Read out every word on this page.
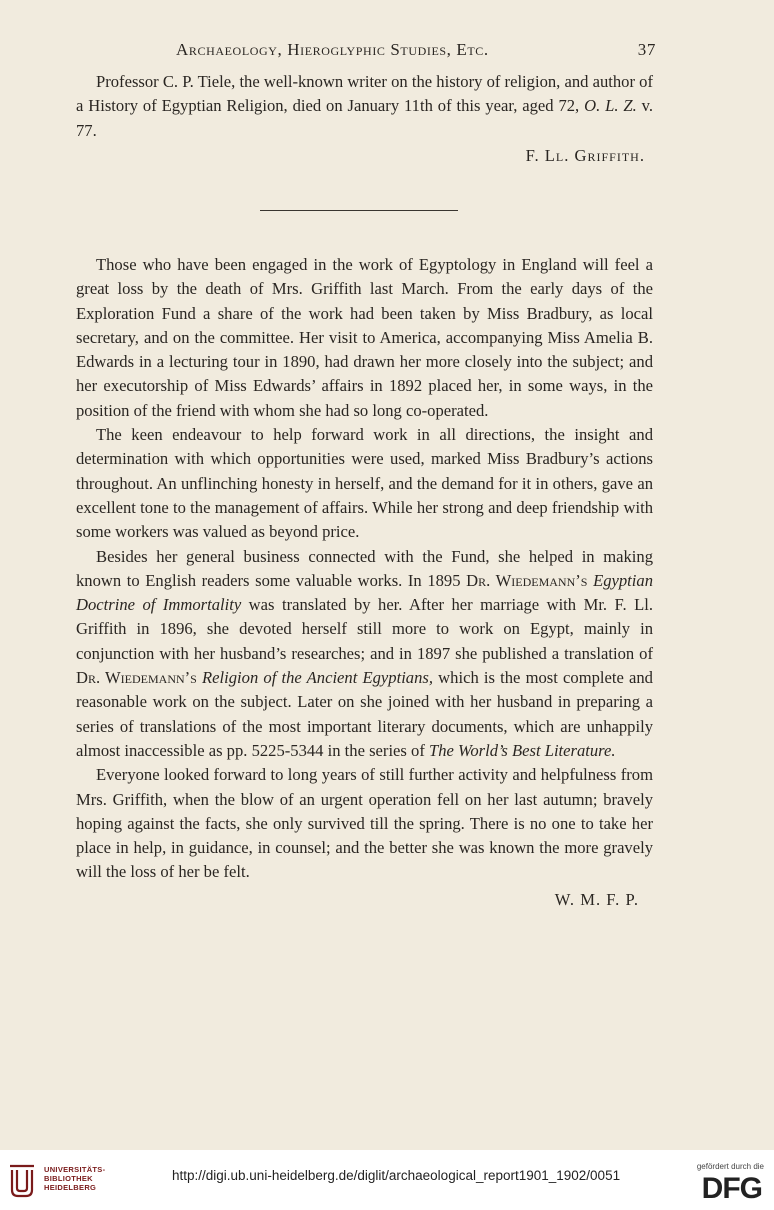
Archaeology, Hieroglyphic Studies, Etc.	37

Professor C. P. Tiele, the well-known writer on the history of religion, and author of a History of Egyptian Religion, died on January 11th of this year, aged 72, O. L. Z. v. 77.

F. Ll. Griffith.

Those who have been engaged in the work of Egyptology in England will feel a great loss by the death of Mrs. Griffith last March. From the early days of the Exploration Fund a share of the work had been taken by Miss Bradbury, as local secretary, and on the committee. Her visit to America, accompanying Miss Amelia B. Edwards in a lecturing tour in 1890, had drawn her more closely into the subject; and her executorship of Miss Edwards’ affairs in 1892 placed her, in some ways, in the position of the friend with whom she had so long co-operated.

The keen endeavour to help forward work in all directions, the insight and determination with which opportunities were used, marked Miss Bradbury’s actions throughout. An unflinching honesty in herself, and the demand for it in others, gave an excellent tone to the management of affairs. While her strong and deep friendship with some workers was valued as beyond price.

Besides her general business connected with the Fund, she helped in making known to English readers some valuable works. In 1895 Dr. Wiedemann’s Egyptian Doctrine of Immortality was translated by her. After her marriage with Mr. F. Ll. Griffith in 1896, she devoted herself still more to work on Egypt, mainly in conjunction with her husband’s researches; and in 1897 she published a translation of Dr. Wiedemann’s Religion of the Ancient Egyptians, which is the most complete and reasonable work on the subject. Later on she joined with her husband in preparing a series of translations of the most important literary documents, which are unhappily almost inaccessible as pp. 5225-5344 in the series of The World’s Best Literature.

Everyone looked forward to long years of still further activity and helpfulness from Mrs. Griffith, when the blow of an urgent operation fell on her last autumn; bravely hoping against the facts, she only survived till the spring. There is no one to take her place in help, in guidance, in counsel; and the better she was known the more gravely will the loss of her be felt.

W. M. F. P.

UNIVERSITÄTS-
BIBLIOTHEK
HEIDELBERG
http://digi.ub.uni-heidelberg.de/diglit/archaeological_report1901_1902/0051
gefördert durch die
DFG
